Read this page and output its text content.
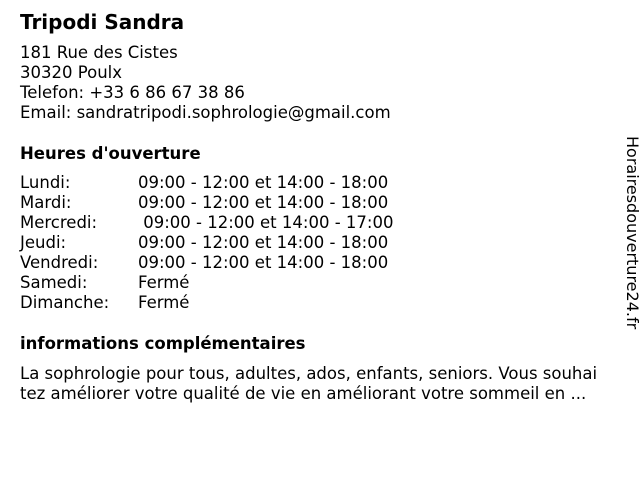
Tripodi Sandra
181 Rue des Cistes
30320 Poulx
Telefon: +33 6 86 67 38 86
Email: sandratripodi.sophrologie@gmail.com
Heures d'ouverture
Lundi:	09:00 - 12:00 et 14:00 - 18:00
Mardi:	09:00 - 12:00 et 14:00 - 18:00
Mercredi: 09:00 - 12:00 et 14:00 - 17:00
Jeudi:	09:00 - 12:00 et 14:00 - 18:00
Vendredi: 09:00 - 12:00 et 14:00 - 18:00
Samedi:	Fermé
Dimanche: Fermé
informations complémentaires
La sophrologie pour tous, adultes, ados, enfants, seniors. Vous souhai
tez améliorer votre qualité de vie en améliorant votre sommeil en ...
Horairesdouverture24.fr
